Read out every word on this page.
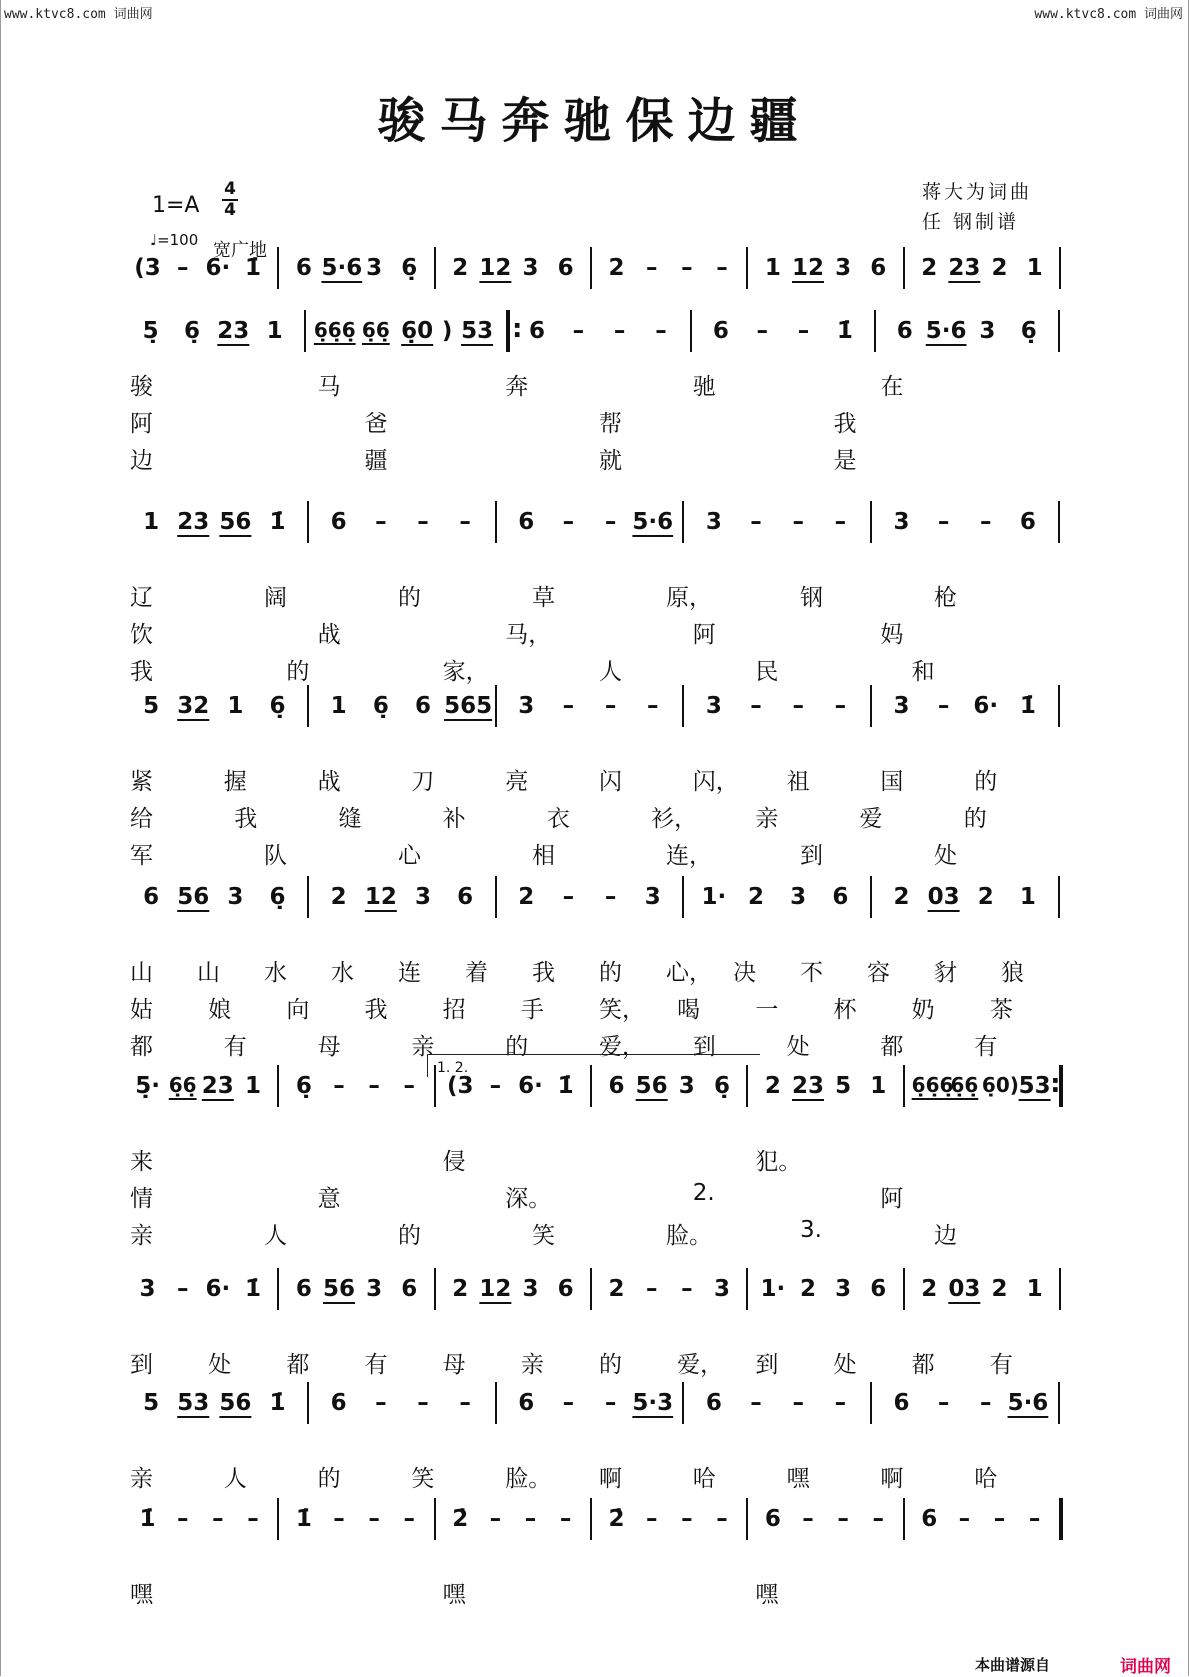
www.ktvc8.com 词曲网	www.ktvc8.com 词曲网
骏马奔驰保边疆
1=A
4
4
♩=100 宽广地
蒋大为词曲
任 钢制谱
(3 – 6· 1̇	6 5·6 3 6̣	2 12 3 6	2 –	–	–	1 12 3 6	2 23 2 1
5̣	6̣ 23 1	6̣6̣6̣ 6̣6̣ 6̣0 ) 53 : 6	–	–	–	6	–	–	1̇	6 5·6 3	6̣
骏	马	奔	驰	在
阿	爸	帮	我
边	疆	就	是
1 23 56 1̇	6	–	–	–	6	–	– 5·6	3	–	–	–	3	–	–	6
辽	阔	的	草	原，	钢	枪
饮	战	马，	阿	妈
我	的	家，	人	民	和
5 32 1	6̣	1	6̣	6 565	3	–	–	–	3	–	–	–	3	–	6· 1̇
紧	握	战	刀	亮	闪	闪， 祖	国	的
给	我	缝	补	衣	衫，	亲	爱	的
军	队	心	相	连，	到	处
6 56 3	6̣	2 12 3	6	2	–	–	3	1· 2	3	6	2 03 2	1
山 山 水 水 连 着 我 的 心， 决 不 容 豺 狼
姑 娘 向 我 招 手 笑， 喝 一 杯 奶 茶
都	有	母	亲	的	爱， 到	处	都	有
5̣· 6̣6̣ 23 1	6̣ –	–	–	(3 – 6· 1̇	6 56 3 6̣	2 23 5 1	6̣6̣6̣
6̣6̣ 6̣0) 53 :
来	侵	犯。
情	意	深。	2.	阿
亲	人	的	笑	脸。	3.	边
3 – 6· 1̇	6 56 3 6	2 12 3 6	2 –	– 3	1· 2 3 6	2 03 2 1
到 处 都 有 母 亲 的 爱， 到 处 都 有
5 53 56 1̇	6	–	–	–	6	–	– 5·3	6	–	–	–	6	–	– 5·6
亲	人	的	笑	脸。 啊	哈	嘿	啊	哈
1̇ –	–	–	1̇ –	–	–	2̇ –	–	–	2̇ –	–	–	6 –	–	–	6 –	–	–
嘿	嘿	嘿
1. 2.
本曲谱源自	词曲网
